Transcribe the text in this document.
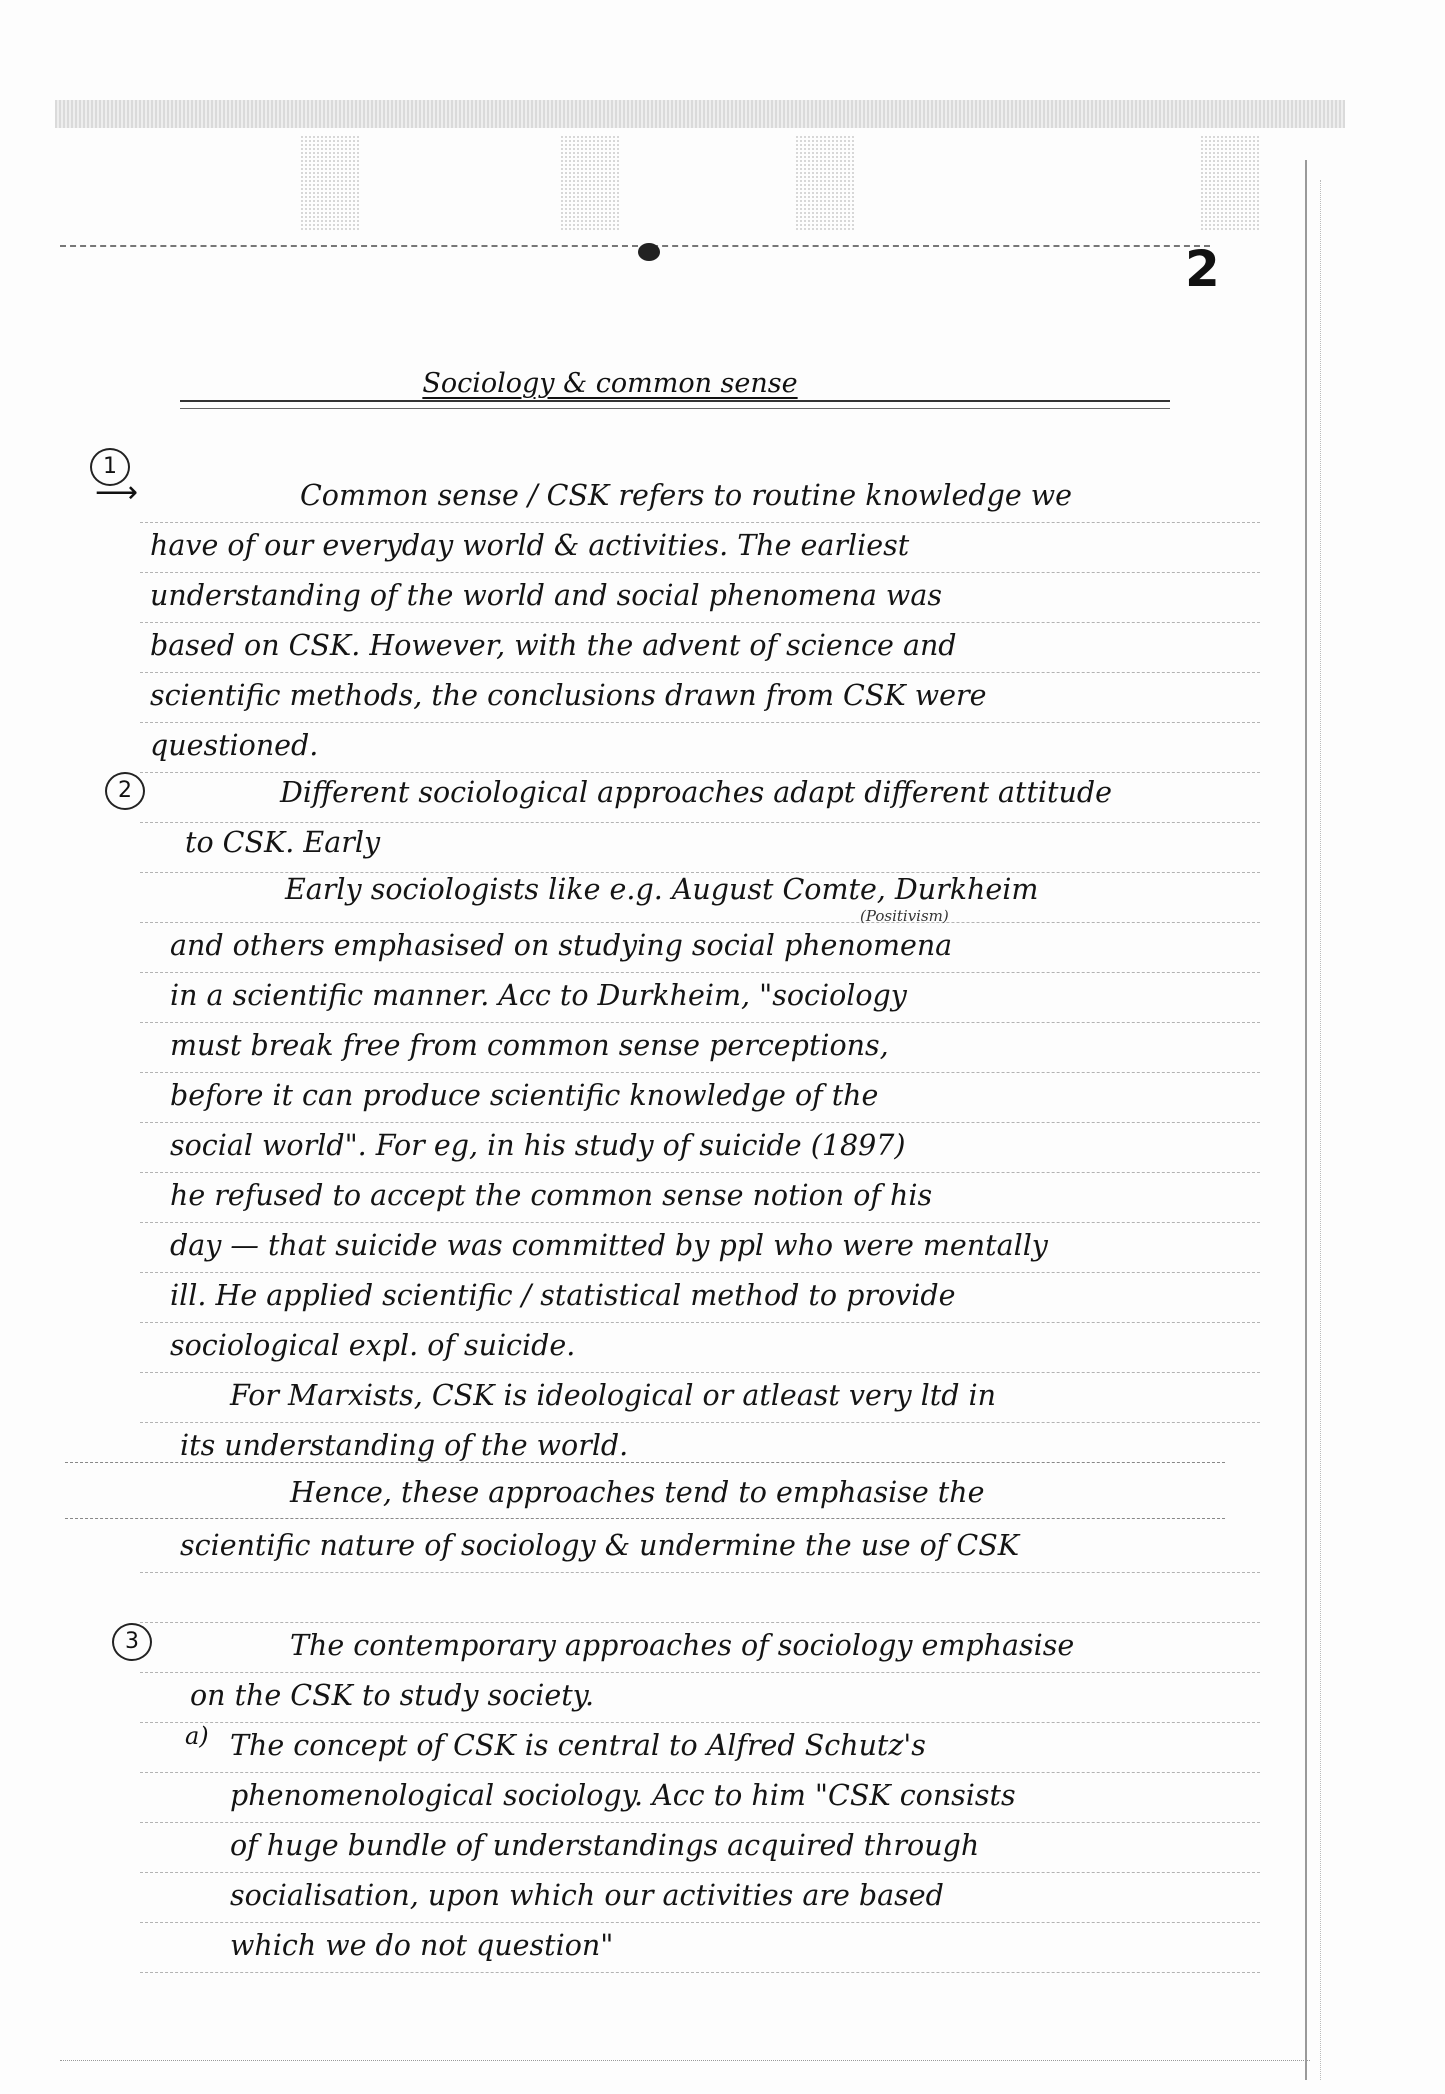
2
Sociology & common sense
1
⟶	Common sense / CSK refers to routine knowledge we
have of our everyday world & activities. The earliest
understanding of the world and social phenomena was
based on CSK. However, with the advent of science and
scientific methods, the conclusions drawn from CSK were
questioned.
2	Different sociological approaches adapt different attitude
to CSK. Early
Early sociologists like e.g. August Comte, Durkheim
(Positivism)
and others emphasised on studying social phenomena
in a scientific manner. Acc to Durkheim, "sociology
must break free from common sense perceptions,
before it can produce scientific knowledge of the
social world". For eg, in his study of suicide (1897)
he refused to accept the common sense notion of his
day — that suicide was committed by ppl who were mentally
ill. He applied scientific / statistical method to provide
sociological expl. of suicide.
For Marxists, CSK is ideological or atleast very ltd in
its understanding of the world.
Hence, these approaches tend to emphasise the
scientific nature of sociology & undermine the use of CSK
3	The contemporary approaches of sociology emphasise
on the CSK to study society.
a) The concept of CSK is central to Alfred Schutz's
phenomenological sociology. Acc to him "CSK consists
of huge bundle of understandings acquired through
socialisation, upon which our activities are based
which we do not question"
